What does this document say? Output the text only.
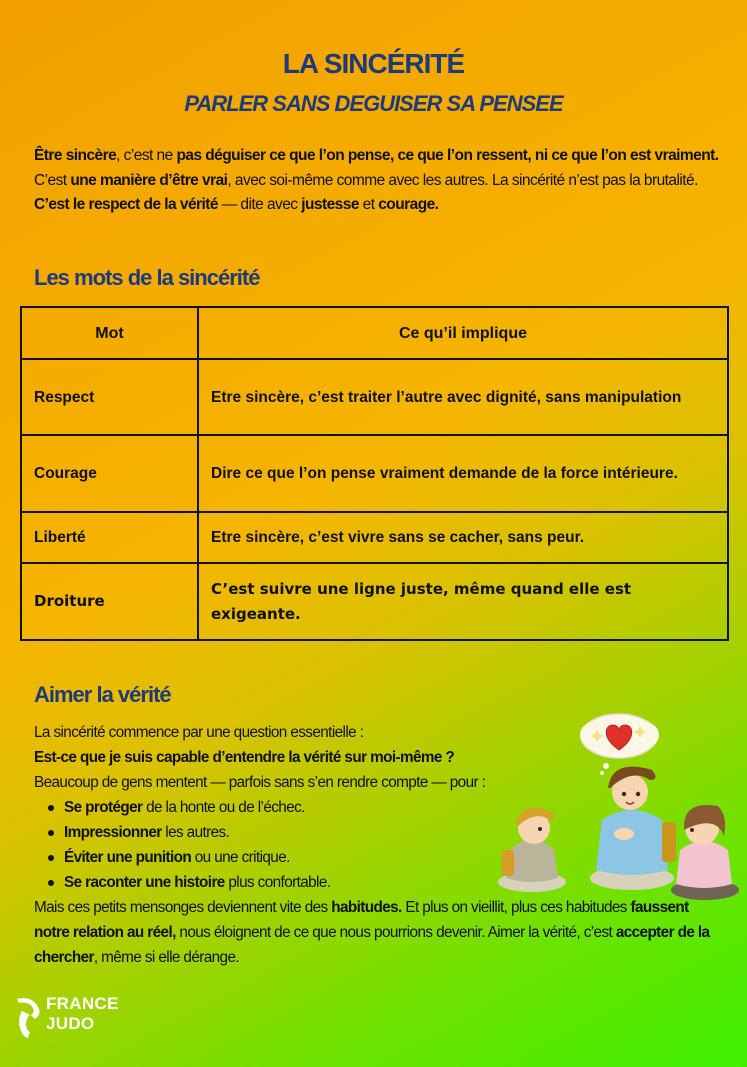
LA SINCÉRITÉ
PARLER SANS DEGUISER SA PENSEE
Être sincère, c’est ne pas déguiser ce que l’on pense, ce que l’on ressent, ni ce que l’on est vraiment. C’est une manière d’être vrai, avec soi-même comme avec les autres. La sincérité n’est pas la brutalité. C’est le respect de la vérité — dite avec justesse et courage.
Les mots de la sincérité
Mot	Ce qu’il implique
Respect	Etre sincère, c’est traiter l’autre avec dignité, sans manipulation
Courage	Dire ce que l’on pense vraiment demande de la force intérieure.
Liberté	Etre sincère, c’est vivre sans se cacher, sans peur.
Droiture	C’est suivre une ligne juste, même quand elle est exigeante.
Aimer la vérité

La sincérité commence par une question essentielle :

Est-ce que je suis capable d’entendre la vérité sur moi-même ?

Beaucoup de gens mentent — parfois sans s’en rendre compte — pour :

Se protéger de la honte ou de l’échec.
Impressionner les autres.
Éviter une punition ou une critique.
Se raconter une histoire plus confortable.

Mais ces petits mensonges deviennent vite des habitudes. Et plus on vieillit, plus ces habitudes faussent notre relation au réel, nous éloignent de ce que nous pourrions devenir. Aimer la vérité, c’est accepter de la chercher, même si elle dérange.

FRANCE
JUDO
